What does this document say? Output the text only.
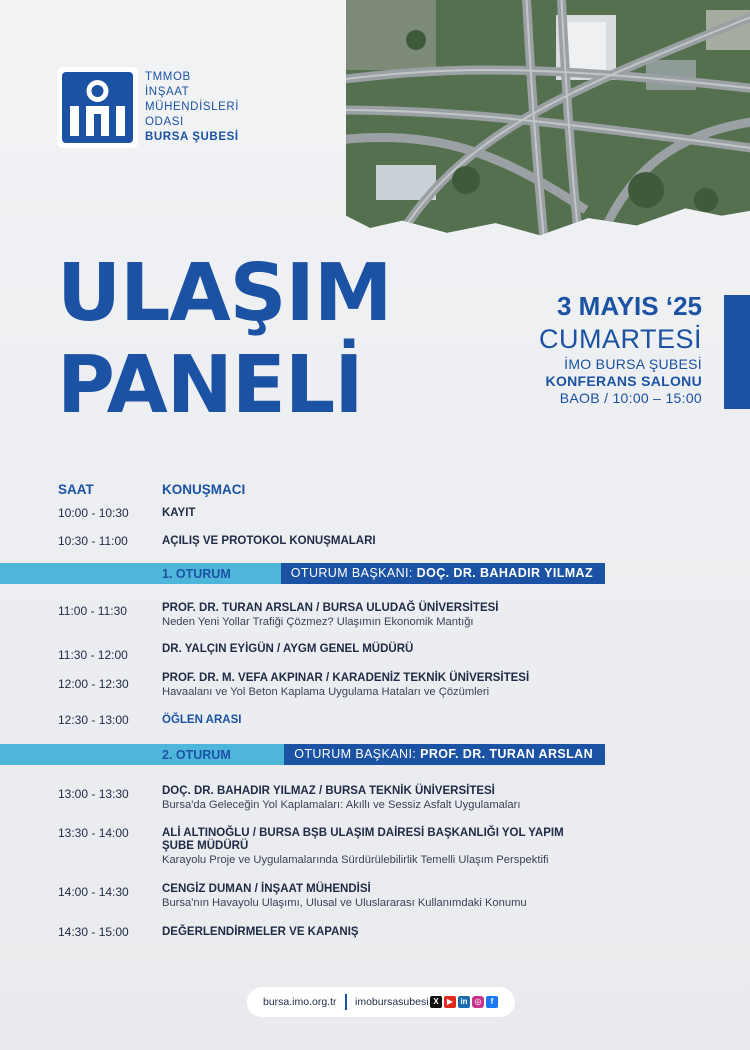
TMMOB
İNŞAAT
MÜHENDİSLERİ
ODASI
BURSA ŞUBESİ
ULAŞIM
PANELİ
3 MAYIS ‘25
CUMARTESİ
İMO BURSA ŞUBESİ
KONFERANS SALONU
BAOB / 10:00 – 15:00
SAAT	KONUŞMACI
10:00 - 10:30	KAYIT
10:30 - 11:00	AÇILIŞ VE PROTOKOL KONUŞMALARI
1. OTURUM	OTURUM BAŞKANI: DOÇ. DR. BAHADIR YILMAZ
11:00 - 11:30	PROF. DR. TURAN ARSLAN / BURSA ULUDAĞ ÜNİVERSİTESİ
Neden Yeni Yollar Trafiği Çözmez? Ulaşımın Ekonomik Mantığı
11:30 - 12:00	DR. YALÇIN EYİGÜN / AYGM GENEL MÜDÜRÜ
12:00 - 12:30	PROF. DR. M. VEFA AKPINAR / KARADENİZ TEKNİK ÜNİVERSİTESİ
Havaalanı ve Yol Beton Kaplama Uygulama Hataları ve Çözümleri
12:30 - 13:00	ÖĞLEN ARASI
2. OTURUM	OTURUM BAŞKANI: PROF. DR. TURAN ARSLAN
13:00 - 13:30	DOÇ. DR. BAHADIR YILMAZ / BURSA TEKNİK ÜNİVERSİTESİ
Bursa'da Geleceğin Yol Kaplamaları: Akıllı ve Sessiz Asfalt Uygulamaları
13:30 - 14:00	ALİ ALTINOĞLU / BURSA BŞB ULAŞIM DAİRESİ BAŞKANLIĞI YOL YAPIM
ŞUBE MÜDÜRÜ
Karayolu Proje ve Uygulamalarında Sürdürülebilirlik Temelli Ulaşım Perspektifi
14:00 - 14:30	CENGİZ DUMAN / İNŞAAT MÜHENDİSİ
Bursa'nın Havayolu Ulaşımı, Ulusal ve Uluslararası Kullanımdaki Konumu
14:30 - 15:00	DEĞERLENDİRMELER VE KAPANIŞ
bursa.imo.org.tr imobursasubesi X	▶ in ◎	f
